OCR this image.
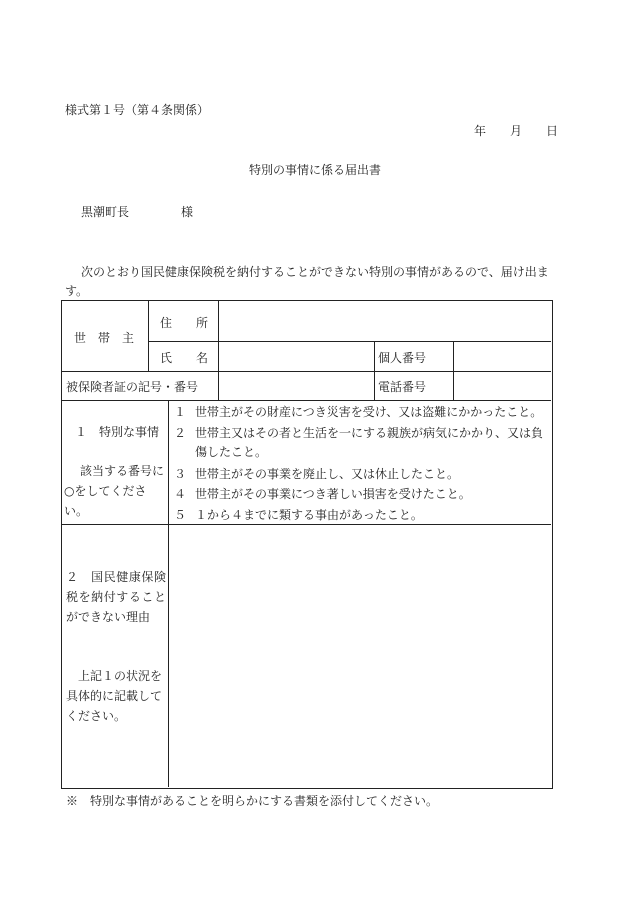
様式第１号（第４条関係）
年 月 日
特別の事情に係る届出書
黒潮町長	様
次のとおり国民健康保険税を納付することができない特別の事情があるので、届け出ます。
世　帯　主
住　　所
氏　　名	個人番号
被保険者証の記号・番号	電話番号
１　特別な事情
該当する番号に○をしてください。
１ 世帯主がその財産につき災害を受け、又は盗難にかかったこと。
２ 世帯主又はその者と生活を一にする親族が病気にかかり、又は負傷したこと。
３ 世帯主がその事業を廃止し、又は休止したこと。
４ 世帯主がその事業につき著しい損害を受けたこと。
５ １から４までに類する事由があったこと。
２　国民健康保険税を納付することができない理由
上記１の状況を具体的に記載してください。
※　特別な事情があることを明らかにする書類を添付してください。
